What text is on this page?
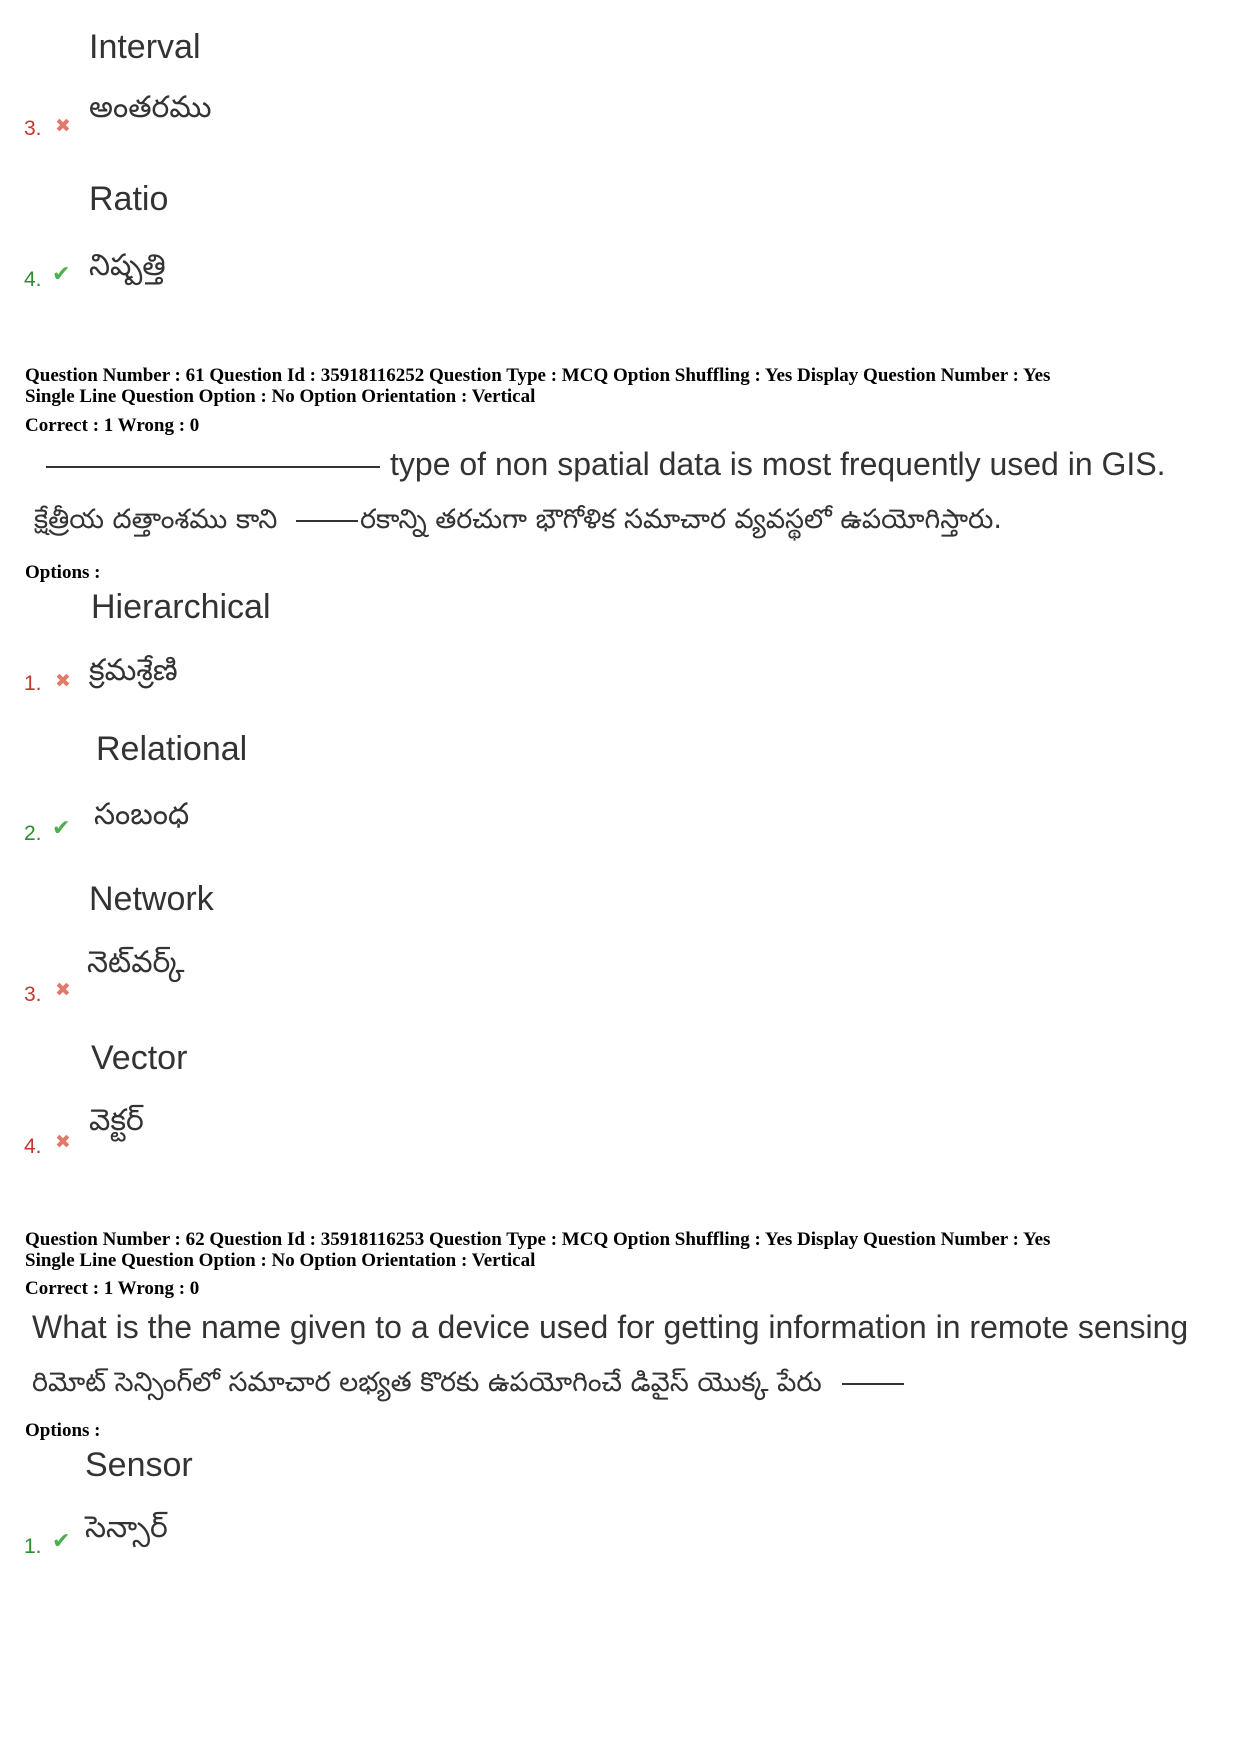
Interval
అంతరము
3. ✖
Ratio
నిష్పత్తి
4. ✔
Question Number : 61 Question Id : 35918116252 Question Type : MCQ Option Shuffling : Yes Display Question Number : Yes
Single Line Question Option : No Option Orientation : Vertical
Correct : 1 Wrong : 0
type of non spatial data is most frequently used in GIS.
క్షేత్రీయ దత్తాంశము కాని	రకాన్ని తరచుగా భౌగోళిక సమాచార వ్యవస్థలో ఉపయోగిస్తారు.
Options :
Hierarchical
క్రమశ్రేణి
1. ✖
Relational
సంబంధ
2. ✔
Network
నెట్‌వర్క్
3. ✖
Vector
వెక్టర్
4. ✖
Question Number : 62 Question Id : 35918116253 Question Type : MCQ Option Shuffling : Yes Display Question Number : Yes
Single Line Question Option : No Option Orientation : Vertical
Correct : 1 Wrong : 0
What is the name given to a device used for getting information in remote sensing
రిమోట్ సెన్సింగ్‌లో సమాచార లభ్యత కొరకు ఉపయోగించే డివైస్ యొక్క పేరు
Options :
Sensor
సెన్సార్
1. ✔
